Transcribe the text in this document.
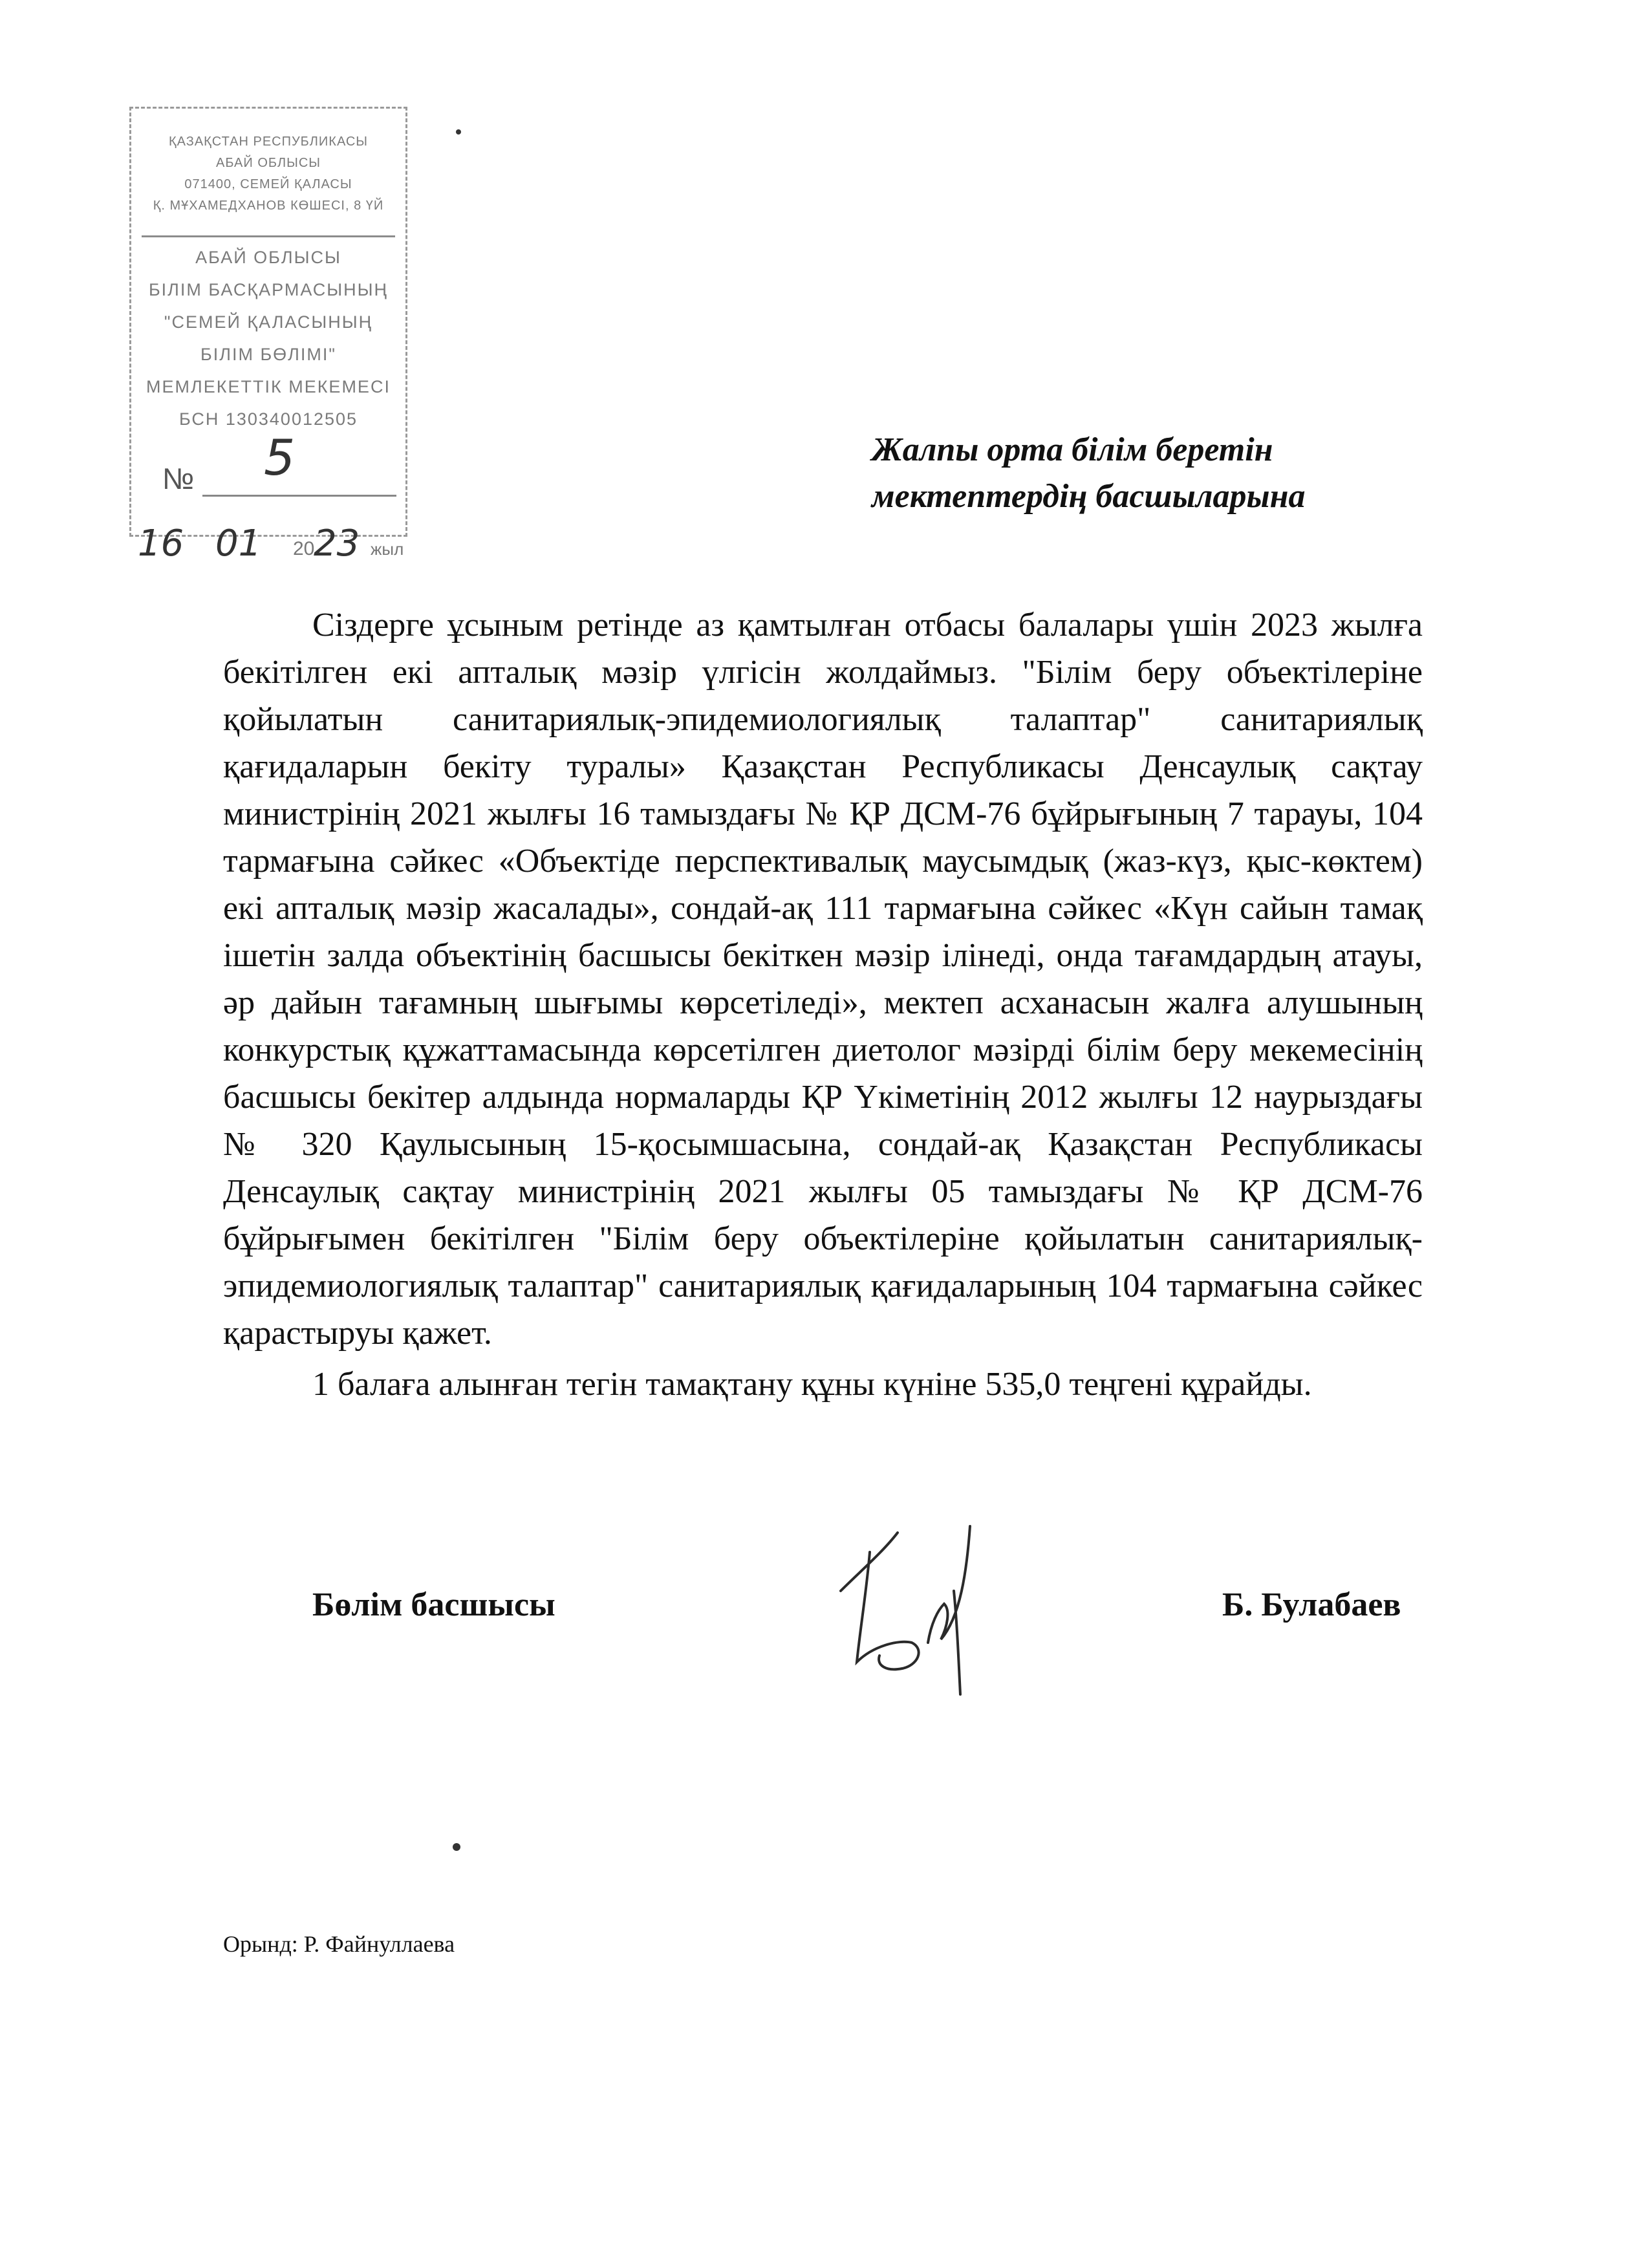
ҚАЗАҚСТАН РЕСПУБЛИКАСЫ
АБАЙ ОБЛЫСЫ
071400, СЕМЕЙ ҚАЛАСЫ
Қ. МҰХАМЕДХАНОВ КӨШЕСІ, 8 ҮЙ
АБАЙ ОБЛЫСЫ
БІЛІМ БАСҚАРМАСЫНЫҢ
"СЕМЕЙ ҚАЛАСЫНЫҢ
БІЛІМ БӨЛІМІ"
МЕМЛЕКЕТТІК МЕКЕМЕСІ
БСН 130340012505
№ 5
16 01 20
23 жыл
Жалпы орта білім беретін
мектептердің басшыларына

Сіздерге ұсыным ретінде аз қамтылған отбасы балалары үшін 2023 жылға бекітілген екі апталық мәзір үлгісін жолдаймыз. "Білім беру объектілеріне қойылатын санитариялық-эпидемиологиялық талаптар" санитариялық қағидаларын бекіту туралы» Қазақстан Республикасы Денсаулық сақтау министрінің 2021 жылғы 16 тамыздағы № ҚР ДСМ-76 бұйрығының 7 тарауы, 104 тармағына сәйкес «Объектіде перспективалық маусымдық (жаз-күз, қыс-көктем) екі апталық мәзір жасалады», сондай-ақ 111 тармағына сәйкес «Күн сайын тамақ ішетін залда объектінің басшысы бекіткен мәзір ілінеді, онда тағамдардың атауы, әр дайын тағамның шығымы көрсетіледі», мектеп асханасын жалға алушының конкурстық құжаттамасында көрсетілген диетолог мәзірді білім беру мекемесінің басшысы бекітер алдында нормаларды ҚР Үкіметінің 2012 жылғы 12 наурыздағы № 320 Қаулысының 15-қосымшасына, сондай-ақ Қазақстан Республикасы Денсаулық сақтау министрінің 2021 жылғы 05 тамыздағы № ҚР ДСМ-76 бұйрығымен бекітілген "Білім беру объектілеріне қойылатын санитариялық-эпидемиологиялық талаптар" санитариялық қағидаларының 104 тармағына сәйкес қарастыруы қажет.

1 балаға алынған тегін тамақтану құны күніне 535,0 теңгені құрайды.

Бөлім басшысы	Б. Булабаев
Орынд: Р. Файнуллаева
